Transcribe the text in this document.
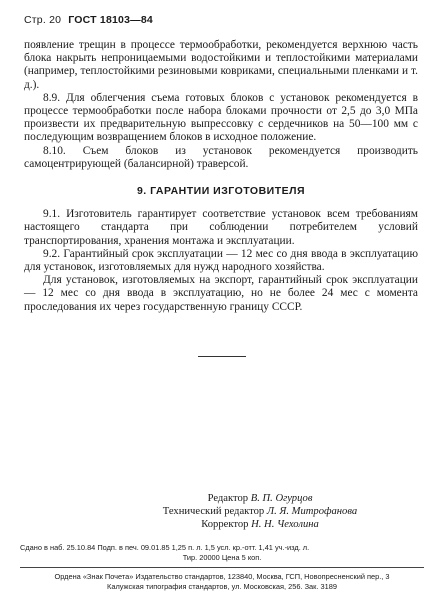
Стр. 20 ГОСТ 18103—84

появление трещин в процессе термообработки, рекомендуется верхнюю часть блока накрыть непроницаемыми водостойкими и теплостойкими материалами (например, теплостойкими резиновыми ковриками, специальными пленками и т. д.).

8.9. Для облегчения съема готовых блоков с установок рекомендуется в процессе термообработки после набора блоками прочности от 2,5 до 3,0 МПа произвести их предварительную выпрессовку с сердечников на 50—100 мм с последующим возвращением блоков в исходное положение.

8.10. Съем блоков из установок рекомендуется производить самоцентрирующей (балансирной) траверсой.

9. ГАРАНТИИ ИЗГОТОВИТЕЛЯ

9.1. Изготовитель гарантирует соответствие установок всем требованиям настоящего стандарта при соблюдении потребителем условий транспортирования, хранения монтажа и эксплуатации.

9.2. Гарантийный срок эксплуатации — 12 мес со дня ввода в эксплуатацию для установок, изготовляемых для нужд народного хозяйства.

Для установок, изготовляемых на экспорт, гарантийный срок эксплуатации — 12 мес со дня ввода в эксплуатацию, но не более 24 мес с момента проследования их через государственную границу СССР.

Редактор В. П. Огурцов
Технический редактор Л. Я. Митрофанова
Корректор Н. Н. Чехолина
Сдано в наб. 25.10.84 Подп. в печ. 09.01.85 1,25 п. л. 1,5 усл. кр.-отт. 1,41 уч.-изд. л.
Тир. 20000 Цена 5 коп.
Ордена «Знак Почета» Издательство стандартов, 123840, Москва, ГСП, Новопресненский пер., 3
Калужская типография стандартов, ул. Московская, 256. Зак. 3189
